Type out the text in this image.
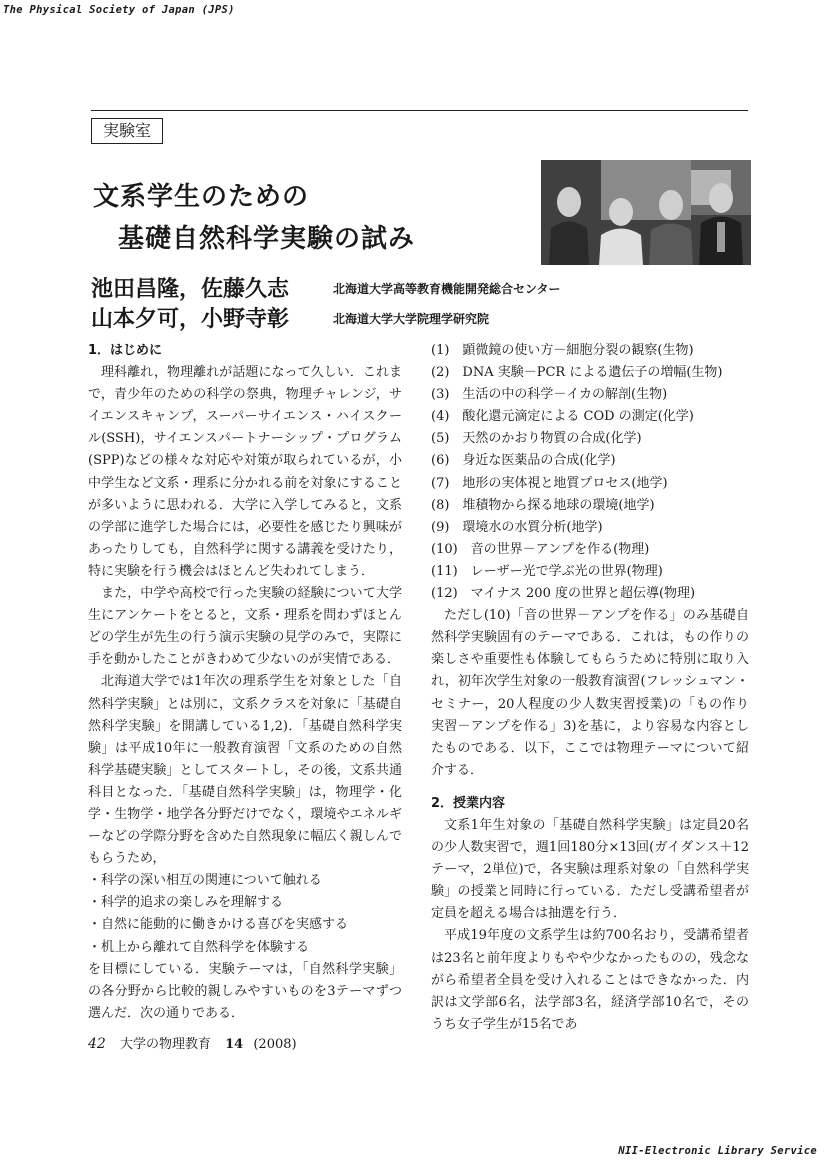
The Physical Society of Japan (JPS)
実験室
文系学生のための
基礎自然科学実験の試み
池田昌隆，佐藤久志	北海道大学高等教育機能開発総合センター
山本夕可，小野寺彰	北海道大学大学院理学研究院
1．はじめに

理科離れ，物理離れが話題になって久しい．これまで，青少年のための科学の祭典，物理チャレンジ，サイエンスキャンプ，スーパーサイエンス・ハイスクール(SSH)，サイエンスパートナーシップ・プログラム(SPP)などの様々な対応や対策が取られているが，小中学生など文系・理系に分かれる前を対象にすることが多いように思われる．大学に入学してみると，文系の学部に進学した場合には，必要性を感じたり興味があったりしても，自然科学に関する講義を受けたり，特に実験を行う機会はほとんど失われてしまう．

また，中学や高校で行った実験の経験について大学生にアンケートをとると，文系・理系を問わずほとんどの学生が先生の行う演示実験の見学のみで，実際に手を動かしたことがきわめて少ないのが実情である．

北海道大学では1年次の理系学生を対象とした「自然科学実験」とは別に，文系クラスを対象に「基礎自然科学実験」を開講している1,2)．「基礎自然科学実験」は平成10年に一般教育演習「文系のための自然科学基礎実験」としてスタートし，その後，文系共通科目となった．「基礎自然科学実験」は，物理学・化学・生物学・地学各分野だけでなく，環境やエネルギーなどの学際分野を含めた自然現象に幅広く親しんでもらうため，

・科学の深い相互の関連について触れる
・科学的追求の楽しみを理解する
・自然に能動的に働きかける喜びを実感する
・机上から離れて自然科学を体験する

を目標にしている．実験テーマは，「自然科学実験」の各分野から比較的親しみやすいものを3テーマずつ選んだ．次の通りである．

(1)　顕微鏡の使い方－細胞分裂の観察(生物)
(2)　DNA 実験－PCR による遺伝子の増幅(生物)
(3)　生活の中の科学－イカの解剖(生物)
(4)　酸化還元滴定による COD の測定(化学)
(5)　天然のかおり物質の合成(化学)
(6)　身近な医薬品の合成(化学)
(7)　地形の実体視と地質プロセス(地学)
(8)　堆積物から探る地球の環境(地学)
(9)　環境水の水質分析(地学)
(10)　音の世界－アンプを作る(物理)
(11)　レーザー光で学ぶ光の世界(物理)
(12)　マイナス 200 度の世界と超伝導(物理)

ただし(10)「音の世界－アンプを作る」のみ基礎自然科学実験固有のテーマである．これは，もの作りの楽しさや重要性も体験してもらうために特別に取り入れ，初年次学生対象の一般教育演習(フレッシュマン・セミナー，20人程度の少人数実習授業)の「もの作り実習－アンプを作る」3)を基に，より容易な内容としたものである．以下，ここでは物理テーマについて紹介する．

2．授業内容

文系1年生対象の「基礎自然科学実験」は定員20名の少人数実習で，週1回180分×13回(ガイダンス＋12テーマ，2単位)で，各実験は理系対象の「自然科学実験」の授業と同時に行っている．ただし受講希望者が定員を超える場合は抽選を行う．

平成19年度の文系学生は約700名おり，受講希望者は23名と前年度よりもやや少なかったものの，残念ながら希望者全員を受け入れることはできなかった．内訳は文学部6名，法学部3名，経済学部10名で，そのうち女子学生が15名であ

42 大学の物理教育 14 (2008)
NII-Electronic Library Service
